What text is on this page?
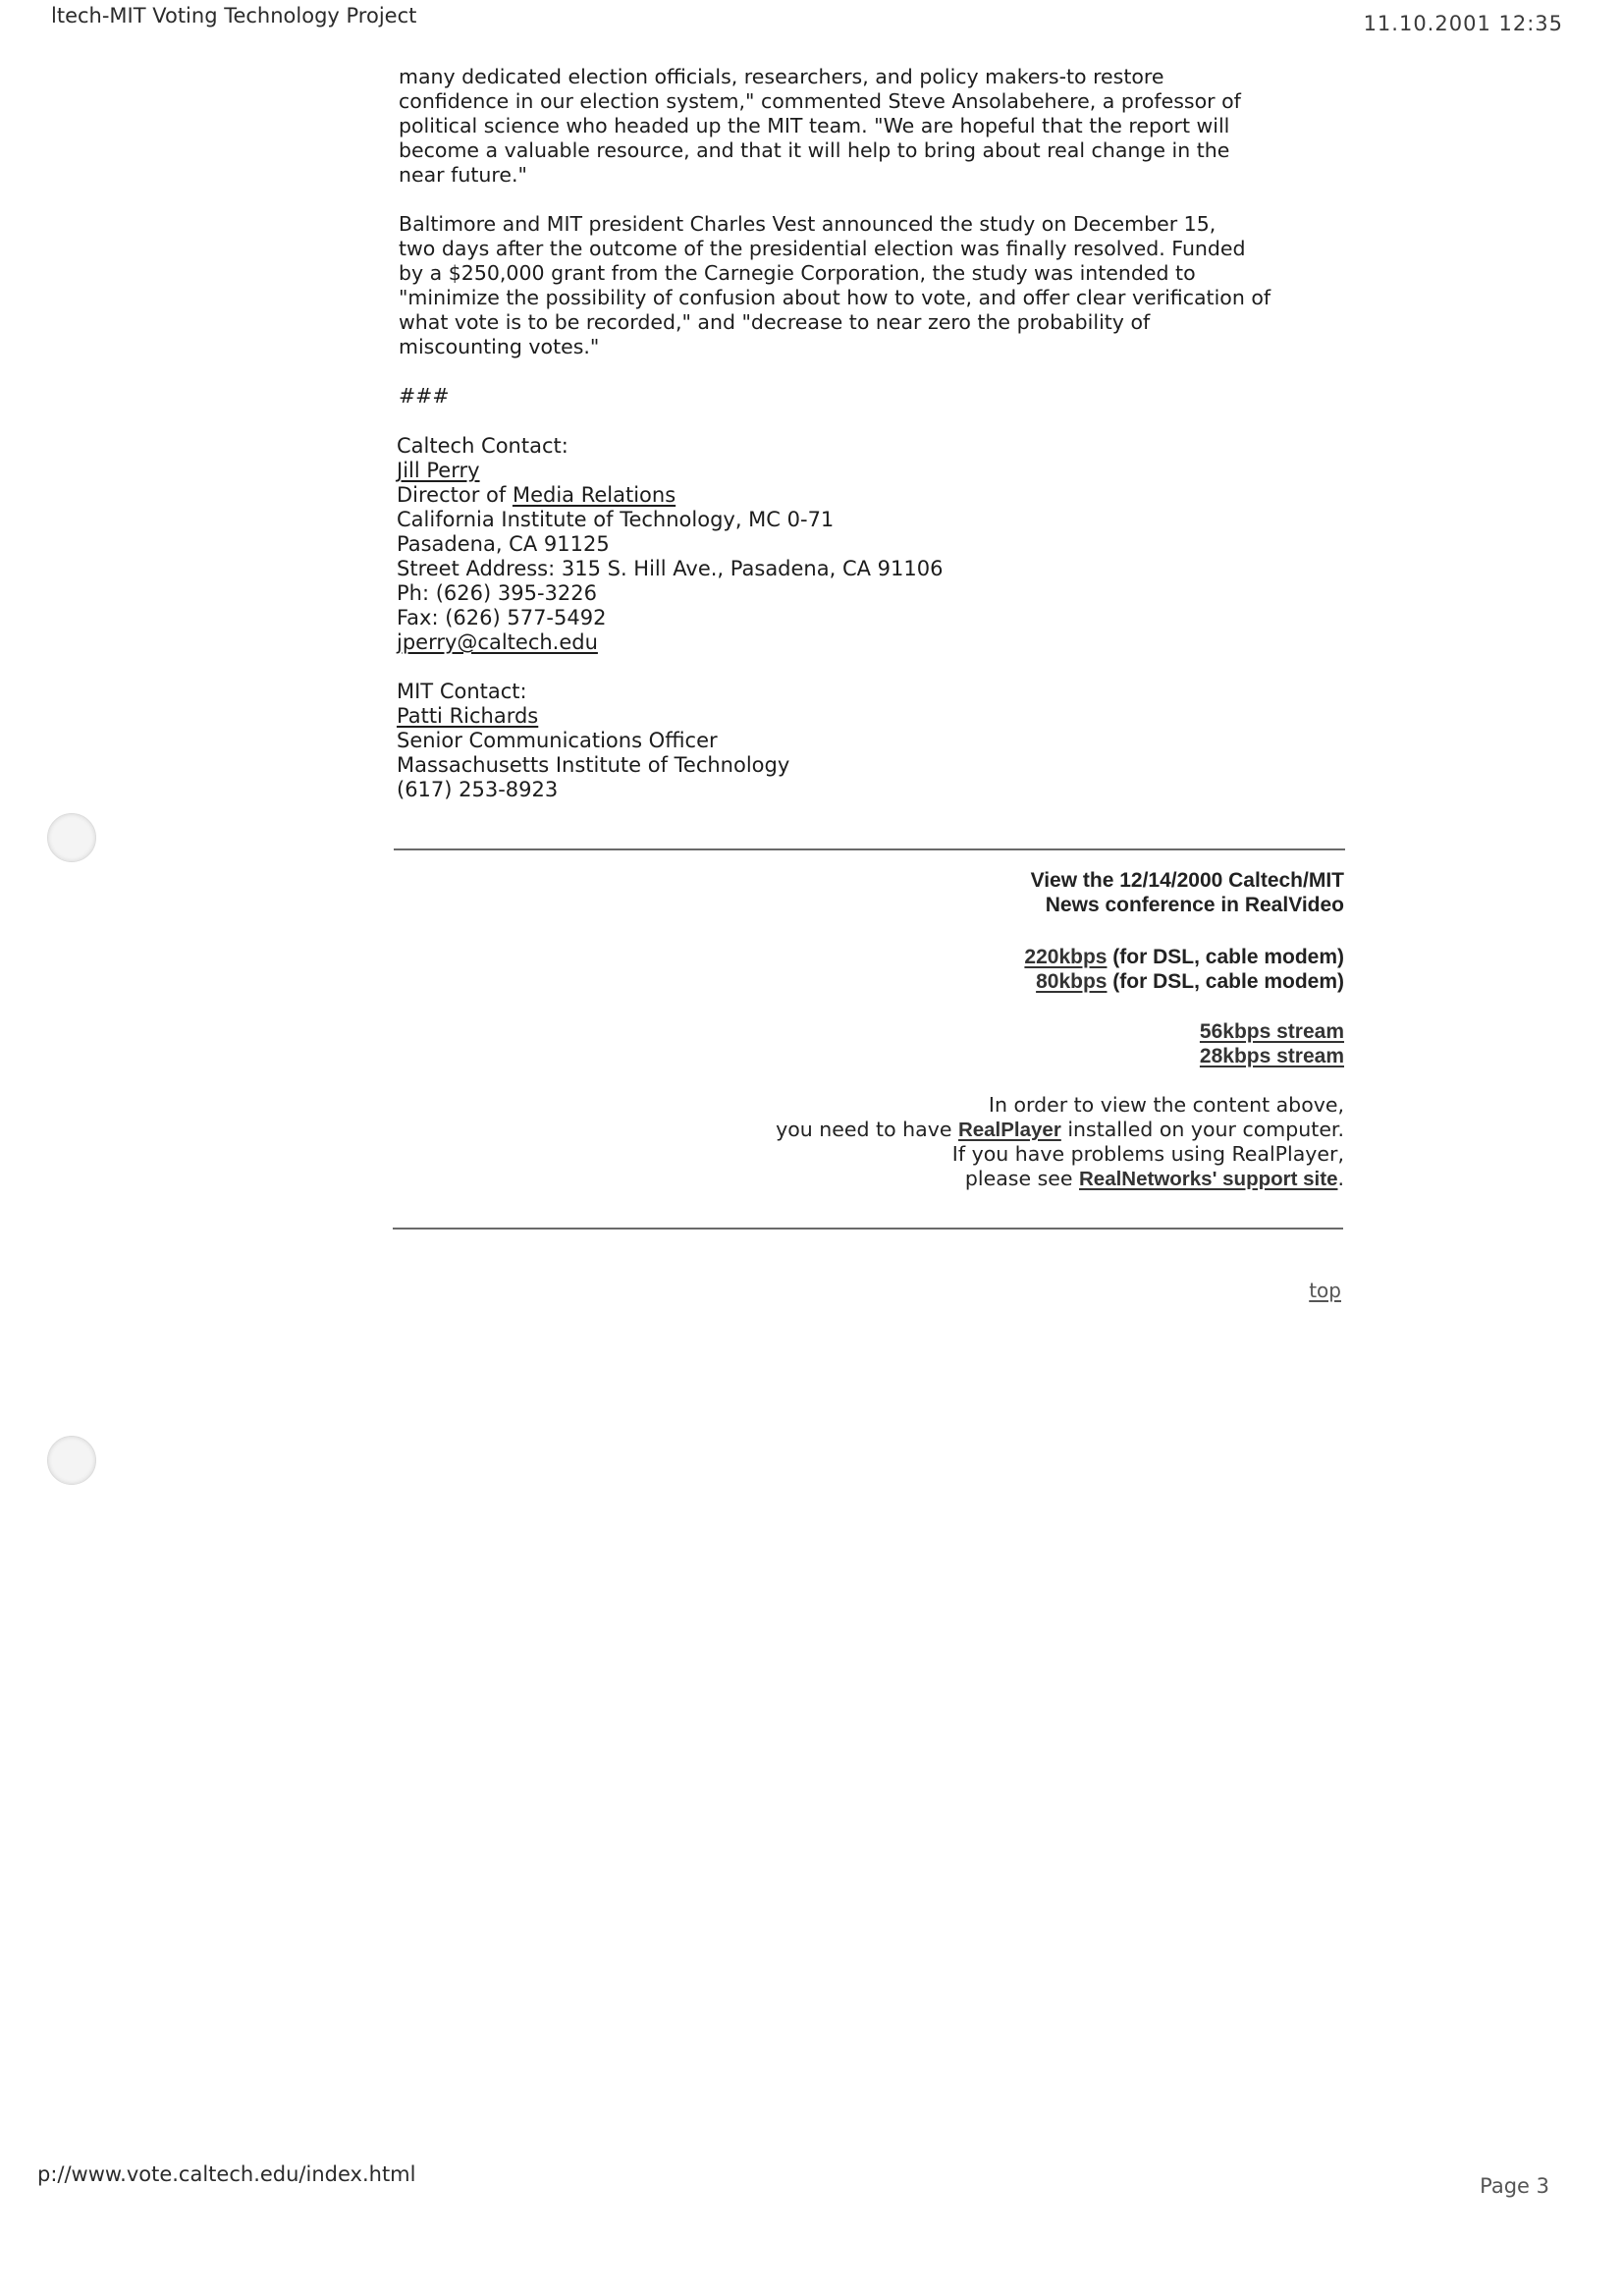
ltech-MIT Voting Technology Project	11.10.2001 12:35
many dedicated election officials, researchers, and policy makers-to restore
confidence in our election system," commented Steve Ansolabehere, a professor of
political science who headed up the MIT team. "We are hopeful that the report will
become a valuable resource, and that it will help to bring about real change in the
near future."
Baltimore and MIT president Charles Vest announced the study on December 15,
two days after the outcome of the presidential election was finally resolved. Funded
by a $250,000 grant from the Carnegie Corporation, the study was intended to
"minimize the possibility of confusion about how to vote, and offer clear verification of
what vote is to be recorded," and "decrease to near zero the probability of
miscounting votes."
###
Caltech Contact:
Jill Perry
Director of Media Relations
California Institute of Technology, MC 0-71
Pasadena, CA 91125
Street Address: 315 S. Hill Ave., Pasadena, CA 91106
Ph: (626) 395-3226
Fax: (626) 577-5492
jperry@caltech.edu
MIT Contact:
Patti Richards
Senior Communications Officer
Massachusetts Institute of Technology
(617) 253-8923
View the 12/14/2000 Caltech/MIT
News conference in RealVideo
220kbps (for DSL, cable modem)
80kbps (for DSL, cable modem)
56kbps stream
28kbps stream
In order to view the content above,
you need to have RealPlayer installed on your computer.
If you have problems using RealPlayer,
please see RealNetworks' support site.
top
p://www.vote.caltech.edu/index.html	Page 3
